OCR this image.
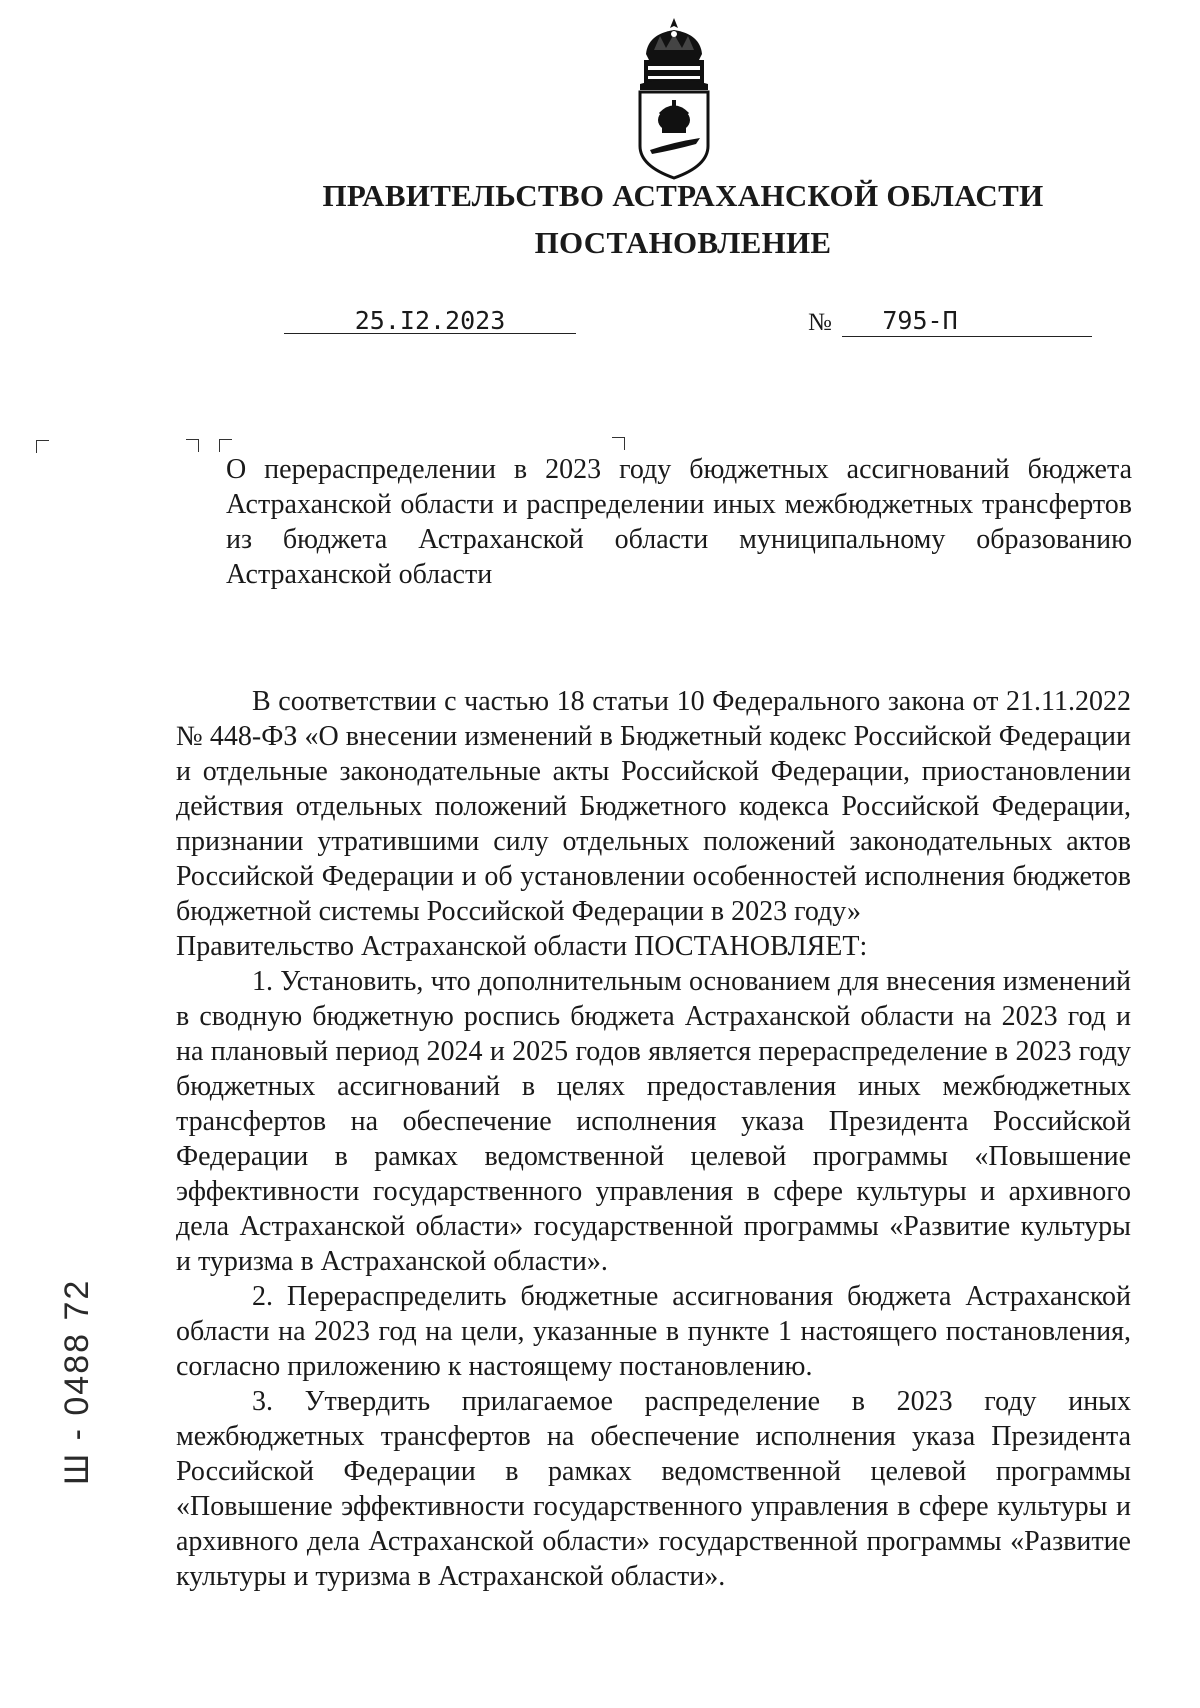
ПРАВИТЕЛЬСТВО АСТРАХАНСКОЙ ОБЛАСТИ
ПОСТАНОВЛЕНИЕ
25.I2.2023	№	795-П
О перераспределении в 2023 году бюджетных ассигнований бюджета Астраханской области и распределении иных межбюджетных трансфертов из бюджета Астраханской области муниципальному образованию Астраханской области

В соответствии с частью 18 статьи 10 Федерального закона от 21.11.2022 № 448-ФЗ «О внесении изменений в Бюджетный кодекс Российской Федерации и отдельные законодательные акты Российской Федерации, приостановлении действия отдельных положений Бюджетного кодекса Российской Федерации, признании утратившими силу отдельных положений законодательных актов Российской Федерации и об установлении особенностей исполнения бюджетов бюджетной системы Российской Федерации в 2023 году»

Правительство Астраханской области ПОСТАНОВЛЯЕТ:

1. Установить, что дополнительным основанием для внесения изменений в сводную бюджетную роспись бюджета Астраханской области на 2023 год и на плановый период 2024 и 2025 годов является перераспределение в 2023 году бюджетных ассигнований в целях предоставления иных межбюджетных трансфертов на обеспечение исполнения указа Президента Российской Федерации в рамках ведомственной целевой программы «Повышение эффективности государственного управления в сфере культуры и архивного дела Астраханской области» государственной программы «Развитие культуры и туризма в Астраханской области».

2. Перераспределить бюджетные ассигнования бюджета Астраханской области на 2023 год на цели, указанные в пункте 1 настоящего постановления, согласно приложению к настоящему постановлению.

3. Утвердить прилагаемое распределение в 2023 году иных межбюджетных трансфертов на обеспечение исполнения указа Президента Российской Федерации в рамках ведомственной целевой программы «Повышение эффективности государственного управления в сфере культуры и архивного дела Астраханской области» государственной программы «Развитие культуры и туризма в Астраханской области».

Ш - 0488 72
